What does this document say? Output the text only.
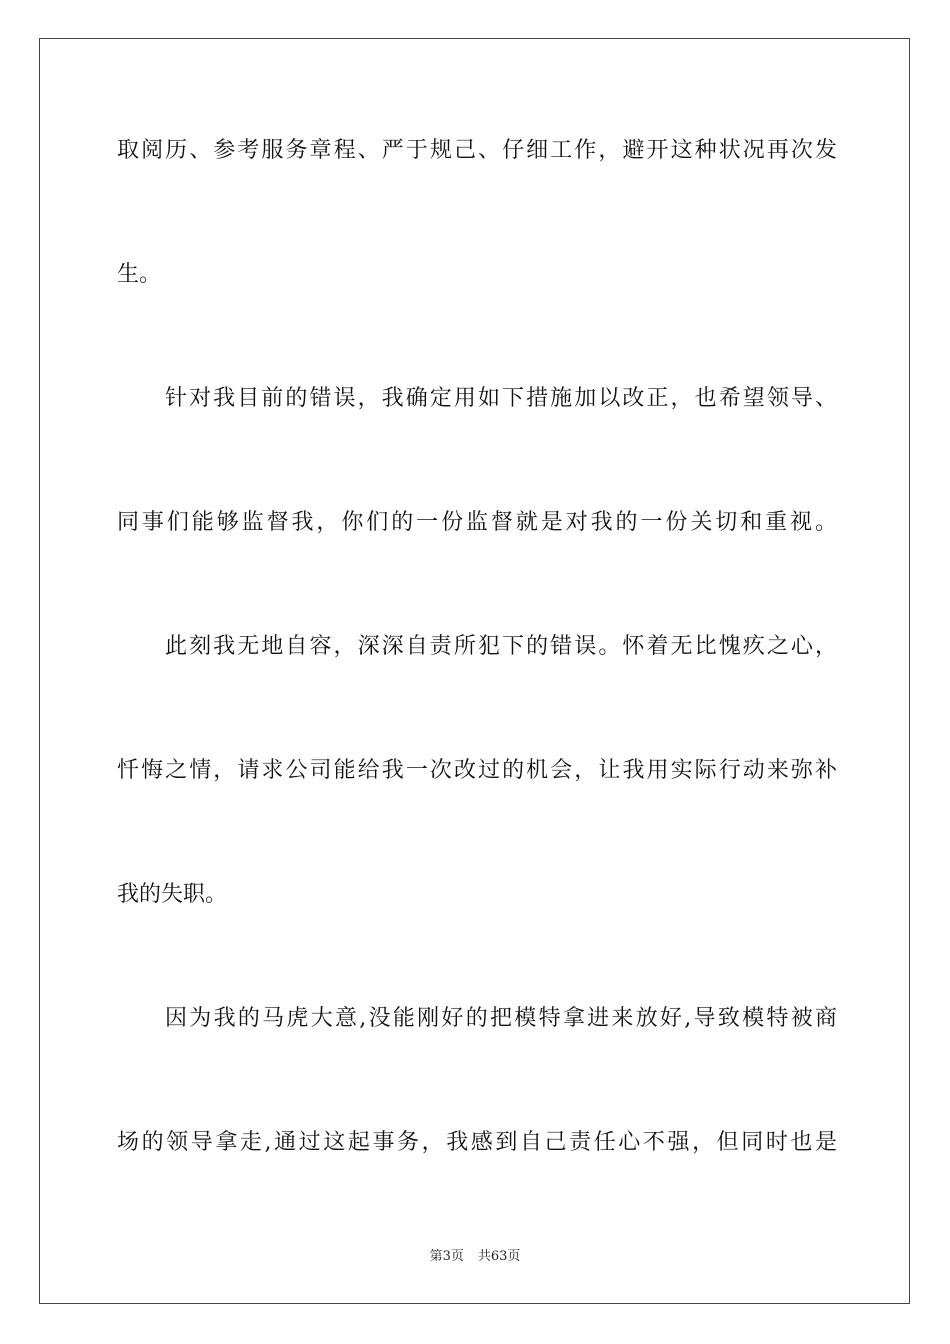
取阅历、参考服务章程、严于规己、仔细工作，避开这种状况再次发
生。
针对我目前的错误，我确定用如下措施加以改正，也希望领导、
同事们能够监督我，你们的一份监督就是对我的一份关切和重视。
此刻我无地自容，深深自责所犯下的错误。怀着无比愧疚之心，
忏悔之情，请求公司能给我一次改过的机会，让我用实际行动来弥补
我的失职。
因为我的马虎大意,没能刚好的把模特拿进来放好,导致模特被商
场的领导拿走,通过这起事务，我感到自己责任心不强，但同时也是
第3页 共63页
